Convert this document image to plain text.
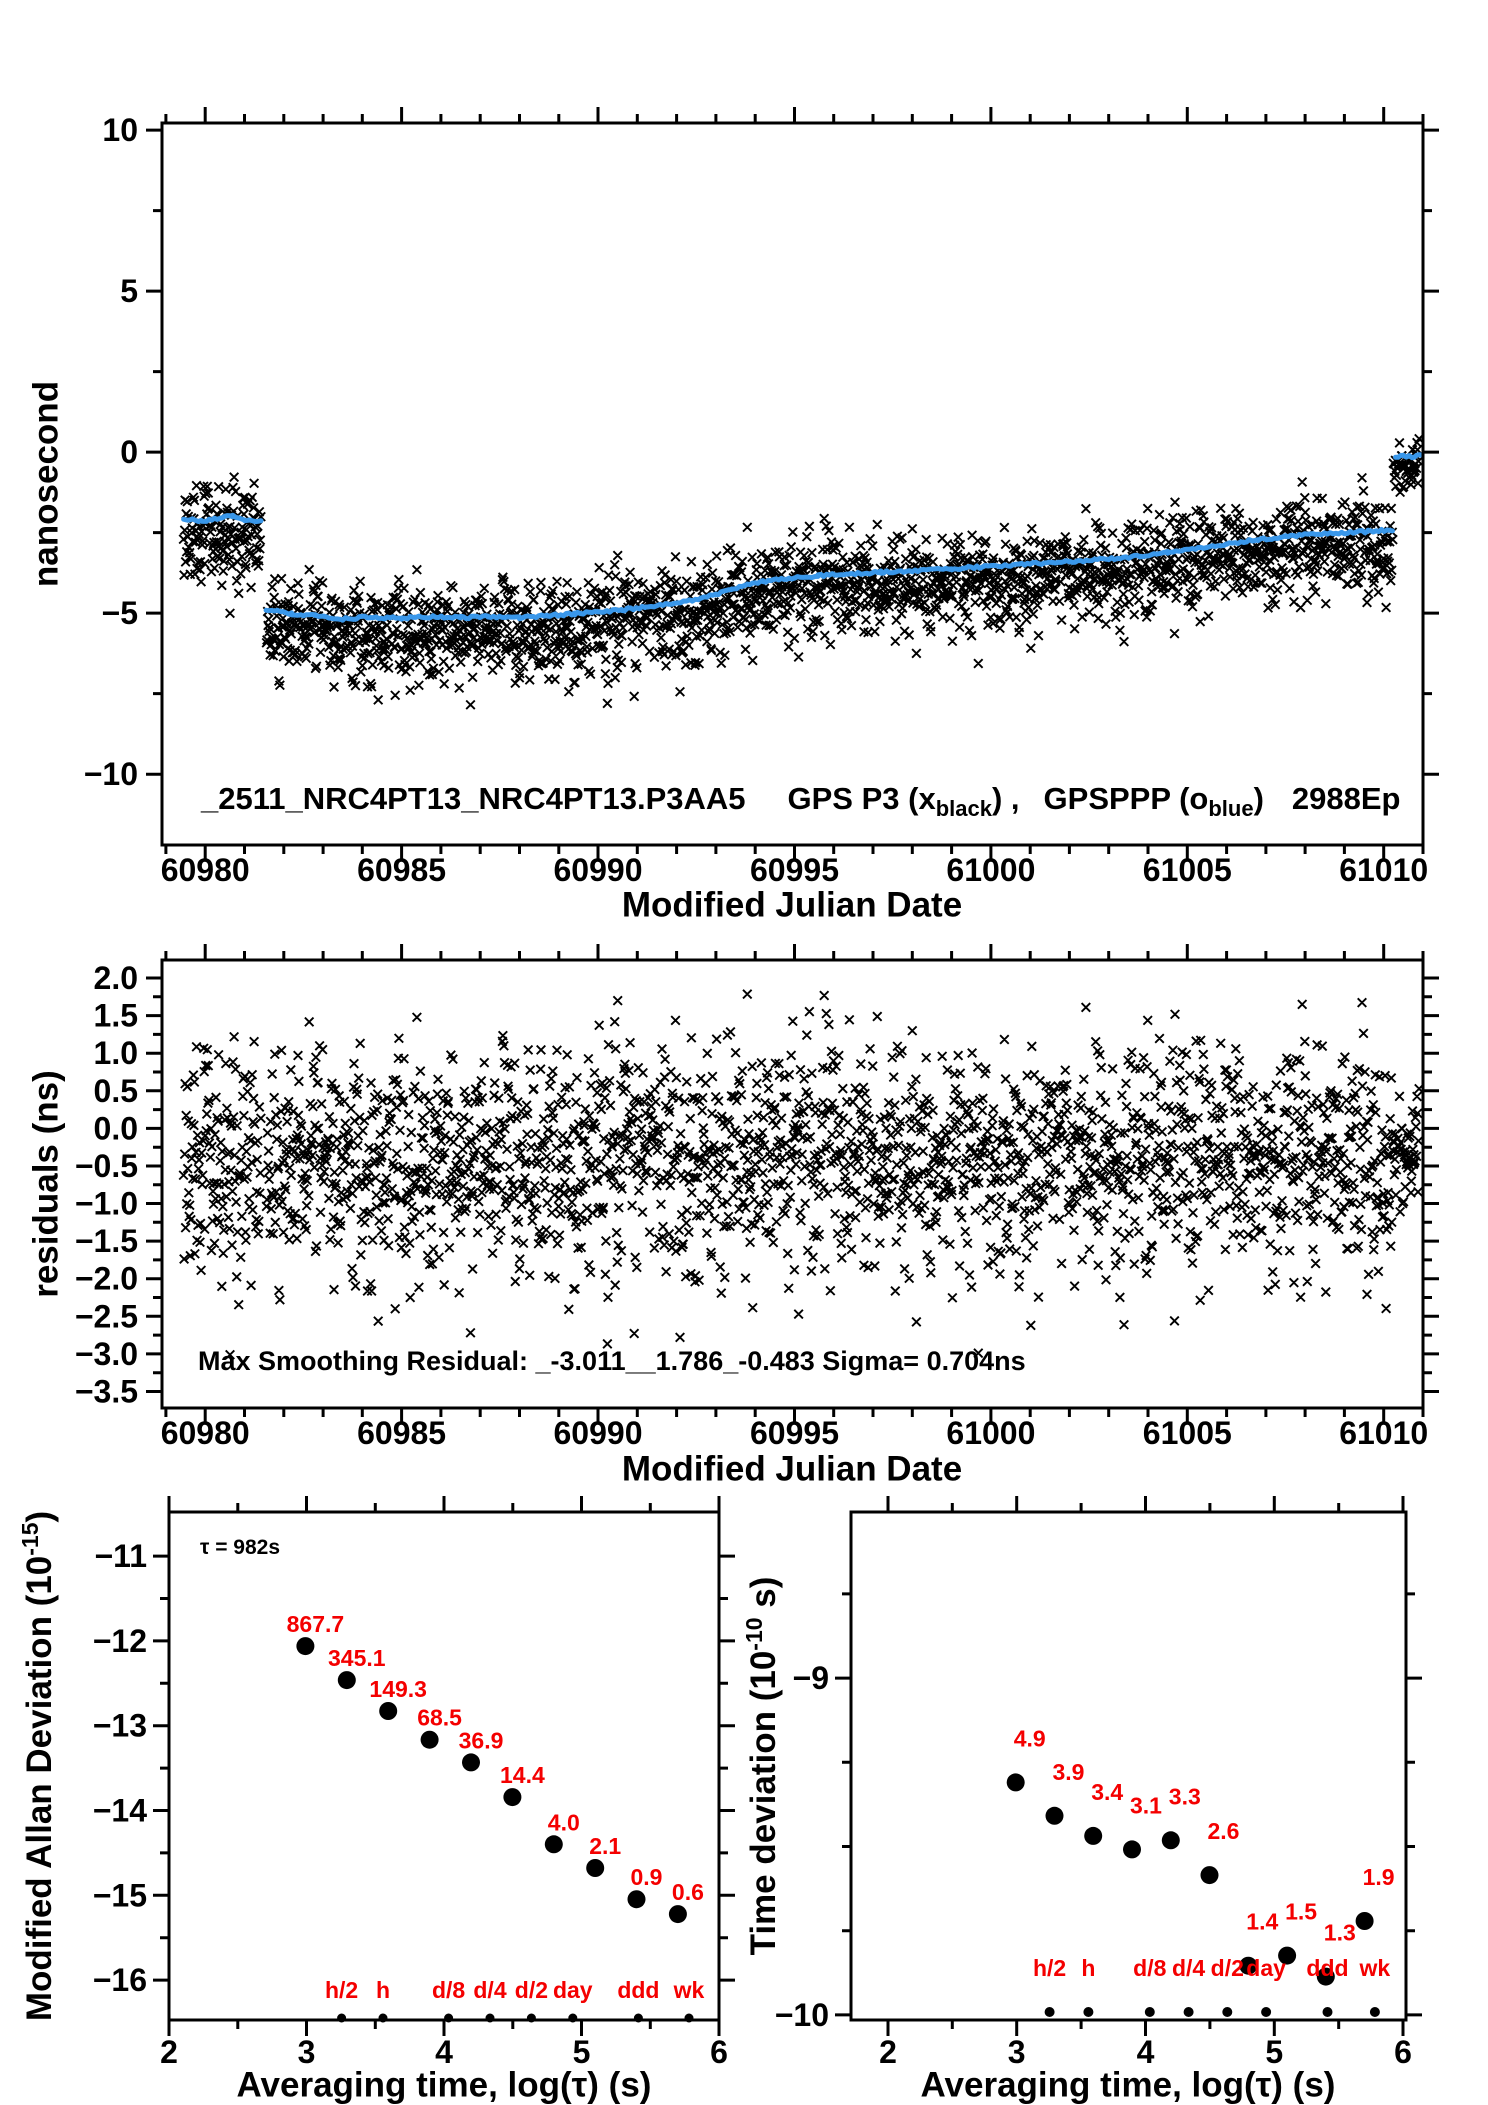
60980	60985	60990	60995	61000	61005	61010
10
5
0
−5
−10
60980	60985	60990	60995	61000	61005	61010
2.0
1.5
1.0
0.5
0.0
−0.5
−1.0
−1.5
−2.0
−2.5
−3.0
−3.5
867.7
345.1
149.3
68.5
36.9
14.4
4.0
2.1
0.9
0.6
h/2 h d/8 d/4 d/2 day ddd wk
2	3	4	5	6
−11
−12
−13
−14
−15
−16
4.9
3.9
3.4
3.1 3.3
2.6
1.4 1.5
1.3
1.9
h/2 h d/8 d/4 d/2 day ddd wk
2	3	4	5	6
−9
−10
_2511_NRC4PT13_NRC4PT13.P3AA5 GPS P3 $(x_{black})$ , GPSPPP $(o_{blue})$ 2988Ep
nanosecond
Modified Julian Date
residuals (ns)
Modified Julian Date
Max Smoothing Residual: _-3.011__1.786_-0.483 Sigma= 0.704ns
Modified Allan Deviation $(10^{-15})$
Averaging time, log(τ) (s)
τ = 982s
Time deviation ($10^{-10}$ s)
Averaging time, log(τ) (s)
